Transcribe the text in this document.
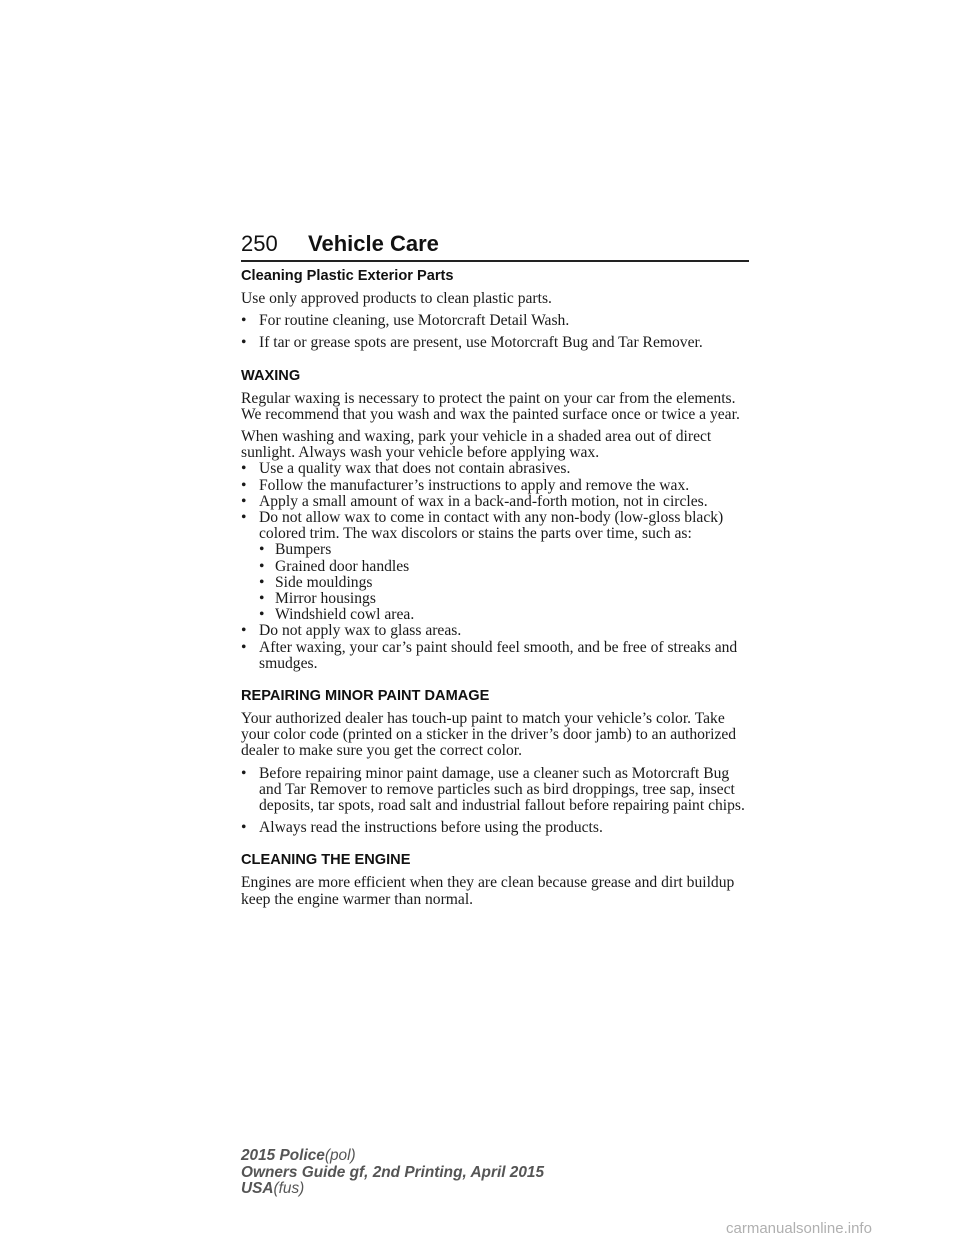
250 Vehicle Care
Cleaning Plastic Exterior Parts

Use only approved products to clean plastic parts.

• For routine cleaning, use Motorcraft Detail Wash.
• If tar or grease spots are present, use Motorcraft Bug and Tar Remover.
WAXING

Regular waxing is necessary to protect the paint on your car from the elements. We recommend that you wash and wax the painted surface once or twice a year.

When washing and waxing, park your vehicle in a shaded area out of direct sunlight. Always wash your vehicle before applying wax.

• Use a quality wax that does not contain abrasives.
• Follow the manufacturer’s instructions to apply and remove the wax.
• Apply a small amount of wax in a back-and-forth motion, not in circles.
• Do not allow wax to come in contact with any non-body (low-gloss black) colored trim. The wax discolors or stains the parts over time, such as:
• Bumpers
• Grained door handles
• Side mouldings
• Mirror housings
• Windshield cowl area.
• Do not apply wax to glass areas.
• After waxing, your car’s paint should feel smooth, and be free of streaks and smudges.
REPAIRING MINOR PAINT DAMAGE

Your authorized dealer has touch-up paint to match your vehicle’s color. Take your color code (printed on a sticker in the driver’s door jamb) to an authorized dealer to make sure you get the correct color.

• Before repairing minor paint damage, use a cleaner such as Motorcraft Bug and Tar Remover to remove particles such as bird droppings, tree sap, insect deposits, tar spots, road salt and industrial fallout before repairing paint chips.
• Always read the instructions before using the products.
CLEANING THE ENGINE

Engines are more efficient when they are clean because grease and dirt buildup keep the engine warmer than normal.

2015 Police(pol)
Owners Guide gf, 2nd Printing, April 2015
USA(fus)
carmanualsonline.info
